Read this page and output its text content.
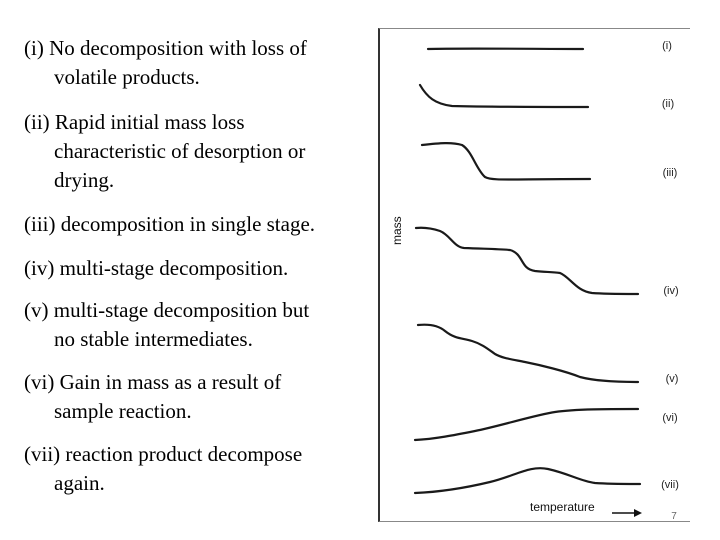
(i) No decomposition with loss of
volatile products.
(ii) Rapid initial mass loss
characteristic of desorption or drying.
(iii) decomposition in single stage.
(iv) multi-stage decomposition.
(v) multi-stage decomposition but
no stable intermediates.
(vi) Gain in mass as a result of
sample reaction.
(vii) reaction product decompose
again.
mass
(i)
(ii)
(iii)
(iv)
(v)
(vi)
(vii)
temperature
7
